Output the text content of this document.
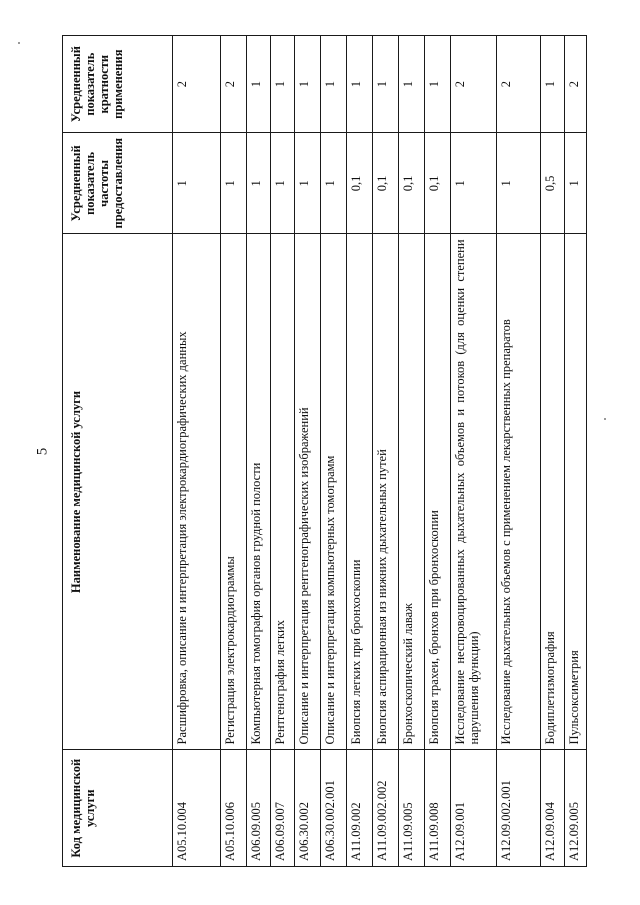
5
Код медицинской услуги	Наименование медицинской услуги	Усредненный показатель частоты предоставления	Усредненный показатель кратности применения
A05.10.004	Расшифровка, описание и интерпретация электрокардиографических данных	1	2
A05.10.006	Регистрация электрокардиограммы	1	2
A06.09.005	Компьютерная томография органов грудной полости	1	1
A06.09.007	Рентгенография легких	1	1
A06.30.002	Описание и интерпретация рентгенографических изображений	1	1
A06.30.002.001	Описание и интерпретация компьютерных томограмм	1	1
A11.09.002	Биопсия легких при бронхоскопии	0,1	1
A11.09.002.002	Биопсия аспирационная из нижних дыхательных путей	0,1	1
A11.09.005	Бронхоскопический лаваж	0,1	1
A11.09.008	Биопсия трахеи, бронхов при бронхоскопии	0,1	1
A12.09.001	Исследование неспровоцированных дыхательных объемов и потоков (для оценки степени нарушения функции)	1	2
A12.09.002.001	Исследование дыхательных объемов с применением лекарственных препаратов	1	2
A12.09.004	Бодиплетизмография	0,5	1
A12.09.005	Пульсоксиметрия	1	2
